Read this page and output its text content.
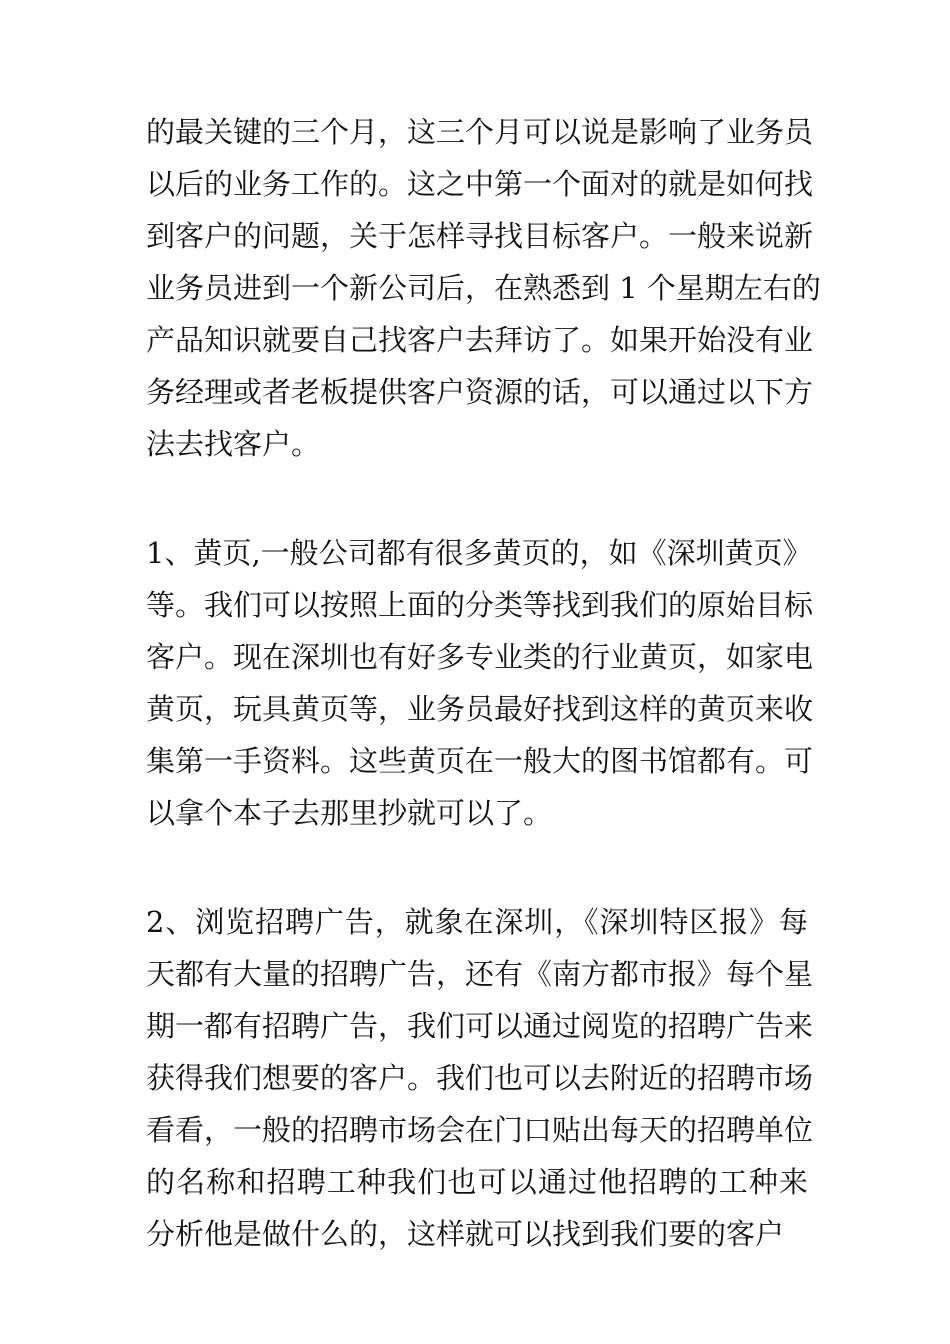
的最关键的三个月，这三个月可以说是影响了业务员
以后的业务工作的。这之中第一个面对的就是如何找
到客户的问题，关于怎样寻找目标客户。一般来说新
业务员进到一个新公司后，在熟悉到 1 个星期左右的
产品知识就要自己找客户去拜访了。如果开始没有业
务经理或者老板提供客户资源的话，可以通过以下方
法去找客户。
1、黄页,一般公司都有很多黄页的，如《深圳黄页》
等。我们可以按照上面的分类等找到我们的原始目标
客户。现在深圳也有好多专业类的行业黄页，如家电
黄页，玩具黄页等，业务员最好找到这样的黄页来收
集第一手资料。这些黄页在一般大的图书馆都有。可
以拿个本子去那里抄就可以了。
2、浏览招聘广告，就象在深圳，《深圳特区报》每
天都有大量的招聘广告，还有《南方都市报》每个星
期一都有招聘广告，我们可以通过阅览的招聘广告来
获得我们想要的客户。我们也可以去附近的招聘市场
看看，一般的招聘市场会在门口贴出每天的招聘单位
的名称和招聘工种我们也可以通过他招聘的工种来
分析他是做什么的，这样就可以找到我们要的客户
